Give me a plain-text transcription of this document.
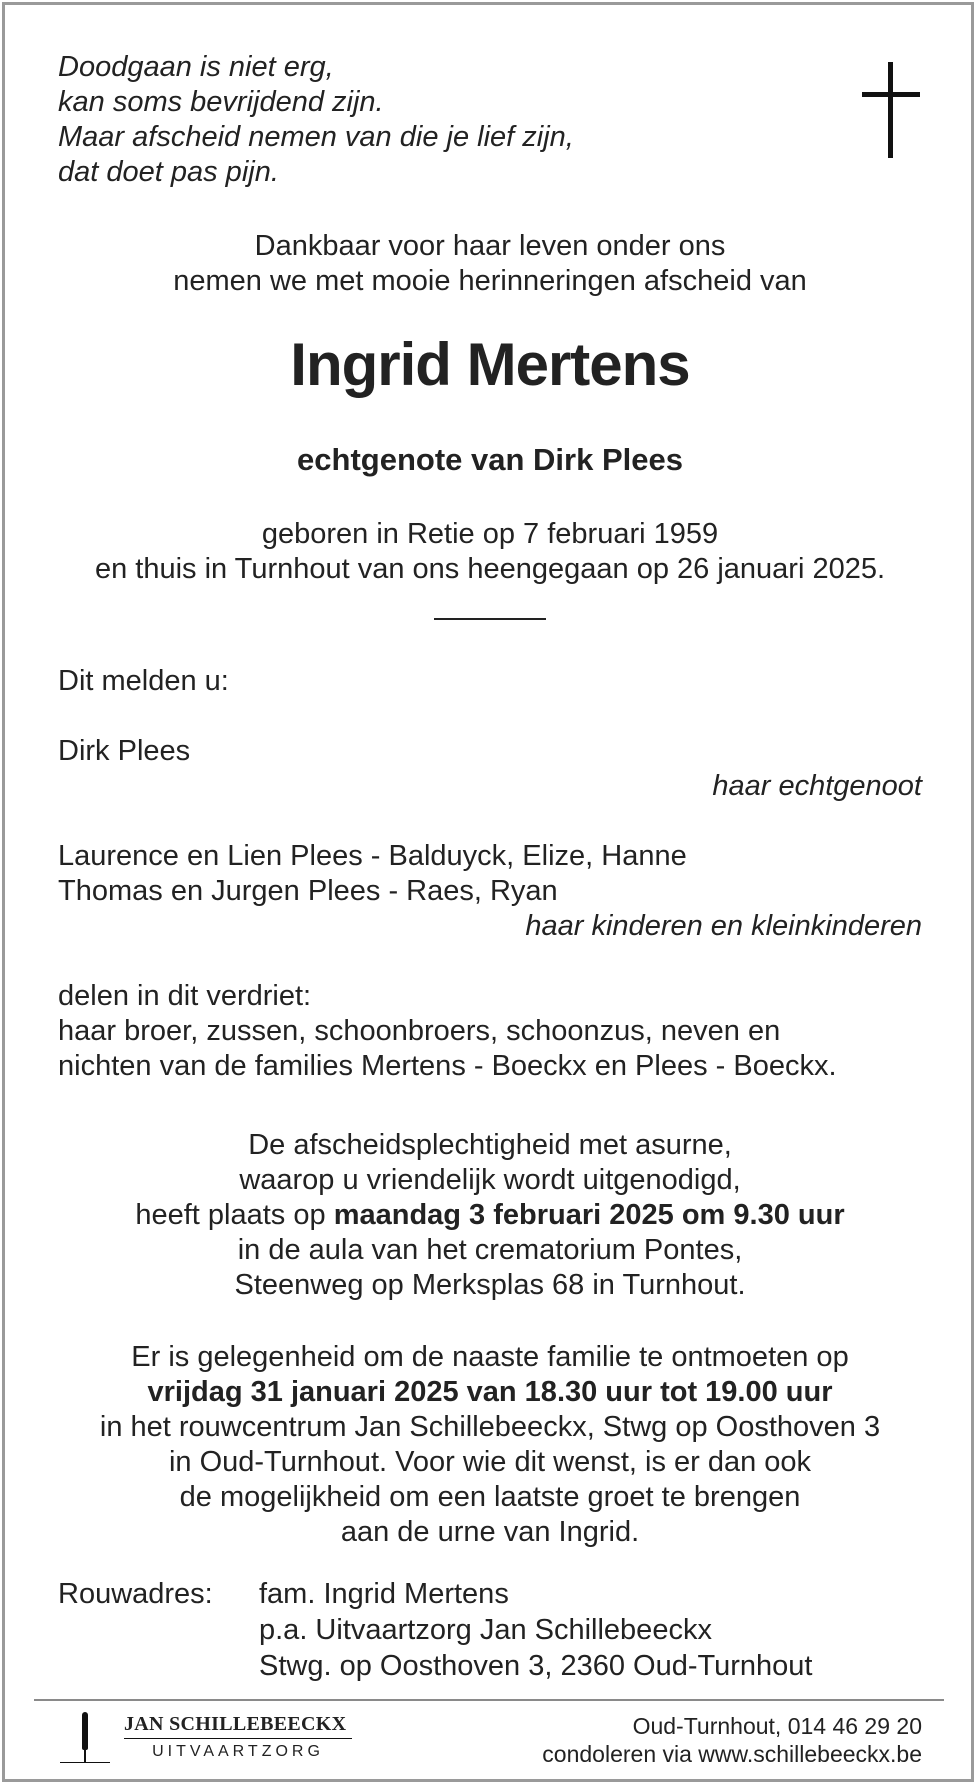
Doodgaan is niet erg,
kan soms bevrijdend zijn.
Maar afscheid nemen van die je lief zijn,
dat doet pas pijn.
Dankbaar voor haar leven onder ons
nemen we met mooie herinneringen afscheid van
Ingrid Mertens
echtgenote van Dirk Plees
geboren in Retie op 7 februari 1959
en thuis in Turnhout van ons heengegaan op 26 januari 2025.
Dit melden u:
Dirk Plees
haar echtgenoot
Laurence en Lien Plees - Balduyck, Elize, Hanne
Thomas en Jurgen Plees - Raes, Ryan
haar kinderen en kleinkinderen
delen in dit verdriet:
haar broer, zussen, schoonbroers, schoonzus, neven en
nichten van de families Mertens - Boeckx en Plees - Boeckx.
De afscheidsplechtigheid met asurne,
waarop u vriendelijk wordt uitgenodigd,
heeft plaats op maandag 3 februari 2025 om 9.30 uur
in de aula van het crematorium Pontes,
Steenweg op Merksplas 68 in Turnhout.
Er is gelegenheid om de naaste familie te ontmoeten op
vrijdag 31 januari 2025 van 18.30 uur tot 19.00 uur
in het rouwcentrum Jan Schillebeeckx, Stwg op Oosthoven 3
in Oud-Turnhout. Voor wie dit wenst, is er dan ook
de mogelijkheid om een laatste groet te brengen
aan de urne van Ingrid.
Rouwadres: fam. Ingrid Mertens
p.a. Uitvaartzorg Jan Schillebeeckx
Stwg. op Oosthoven 3, 2360 Oud-Turnhout
JAN SCHILLEBEECKX
UITVAARTZORG
Oud-Turnhout, 014 46 29 20
condoleren via www.schillebeeckx.be
